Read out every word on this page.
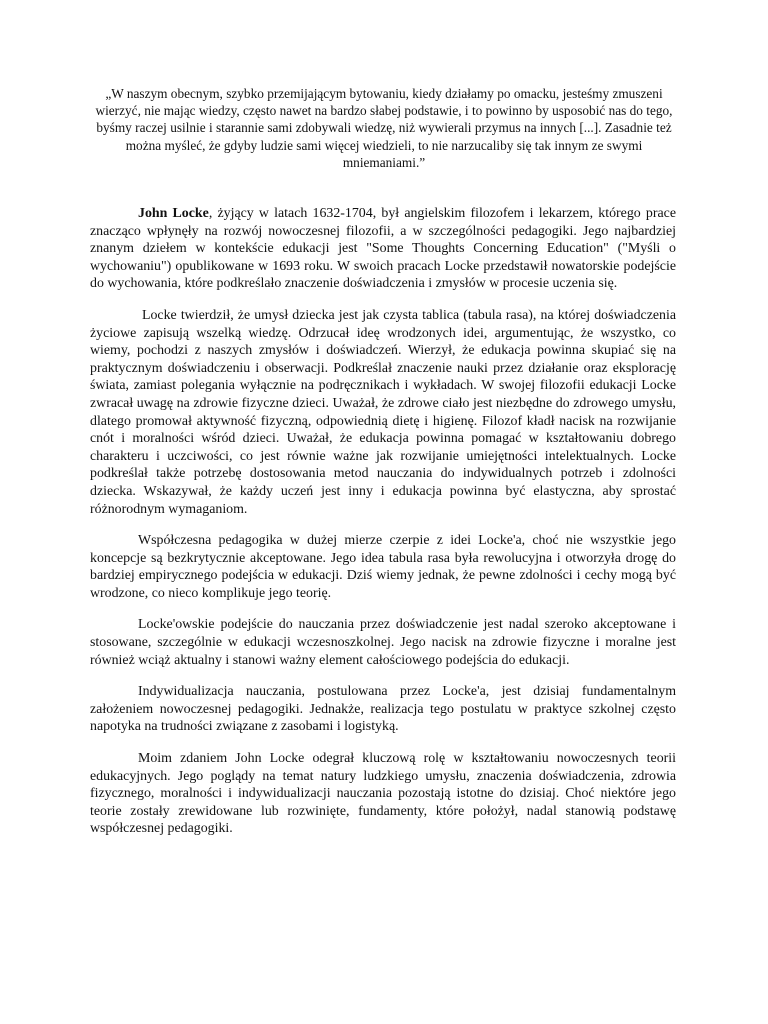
„W naszym obecnym, szybko przemijającym bytowaniu, kiedy działamy po omacku, jesteśmy zmuszeni wierzyć, nie mając wiedzy, często nawet na bardzo słabej podstawie, i to powinno by usposobić nas do tego, byśmy raczej usilnie i starannie sami zdobywali wiedzę, niż wywierali przymus na innych [...]. Zasadnie też można myśleć, że gdyby ludzie sami więcej wiedzieli, to nie narzucaliby się tak innym ze swymi mniemaniami.”

John Locke, żyjący w latach 1632-1704, był angielskim filozofem i lekarzem, którego prace znacząco wpłynęły na rozwój nowoczesnej filozofii, a w szczególności pedagogiki. Jego najbardziej znanym dziełem w kontekście edukacji jest "Some Thoughts Concerning Education" ("Myśli o wychowaniu") opublikowane w 1693 roku. W swoich pracach Locke przedstawił nowatorskie podejście do wychowania, które podkreślało znaczenie doświadczenia i zmysłów w procesie uczenia się.

Locke twierdził, że umysł dziecka jest jak czysta tablica (tabula rasa), na której doświadczenia życiowe zapisują wszelką wiedzę. Odrzucał ideę wrodzonych idei, argumentując, że wszystko, co wiemy, pochodzi z naszych zmysłów i doświadczeń. Wierzył, że edukacja powinna skupiać się na praktycznym doświadczeniu i obserwacji. Podkreślał znaczenie nauki przez działanie oraz eksplorację świata, zamiast polegania wyłącznie na podręcznikach i wykładach. W swojej filozofii edukacji Locke zwracał uwagę na zdrowie fizyczne dzieci. Uważał, że zdrowe ciało jest niezbędne do zdrowego umysłu, dlatego promował aktywność fizyczną, odpowiednią dietę i higienę. Filozof kładł nacisk na rozwijanie cnót i moralności wśród dzieci. Uważał, że edukacja powinna pomagać w kształtowaniu dobrego charakteru i uczciwości, co jest równie ważne jak rozwijanie umiejętności intelektualnych. Locke podkreślał także potrzebę dostosowania metod nauczania do indywidualnych potrzeb i zdolności dziecka. Wskazywał, że każdy uczeń jest inny i edukacja powinna być elastyczna, aby sprostać różnorodnym wymaganiom.

Współczesna pedagogika w dużej mierze czerpie z idei Locke'a, choć nie wszystkie jego koncepcje są bezkrytycznie akceptowane. Jego idea tabula rasa była rewolucyjna i otworzyła drogę do bardziej empirycznego podejścia w edukacji. Dziś wiemy jednak, że pewne zdolności i cechy mogą być wrodzone, co nieco komplikuje jego teorię.

Locke'owskie podejście do nauczania przez doświadczenie jest nadal szeroko akceptowane i stosowane, szczególnie w edukacji wczesnoszkolnej. Jego nacisk na zdrowie fizyczne i moralne jest również wciąż aktualny i stanowi ważny element całościowego podejścia do edukacji.

Indywidualizacja nauczania, postulowana przez Locke'a, jest dzisiaj fundamentalnym założeniem nowoczesnej pedagogiki. Jednakże, realizacja tego postulatu w praktyce szkolnej często napotyka na trudności związane z zasobami i logistyką.

Moim zdaniem John Locke odegrał kluczową rolę w kształtowaniu nowoczesnych teorii edukacyjnych. Jego poglądy na temat natury ludzkiego umysłu, znaczenia doświadczenia, zdrowia fizycznego, moralności i indywidualizacji nauczania pozostają istotne do dzisiaj. Choć niektóre jego teorie zostały zrewidowane lub rozwinięte, fundamenty, które położył, nadal stanowią podstawę współczesnej pedagogiki.
